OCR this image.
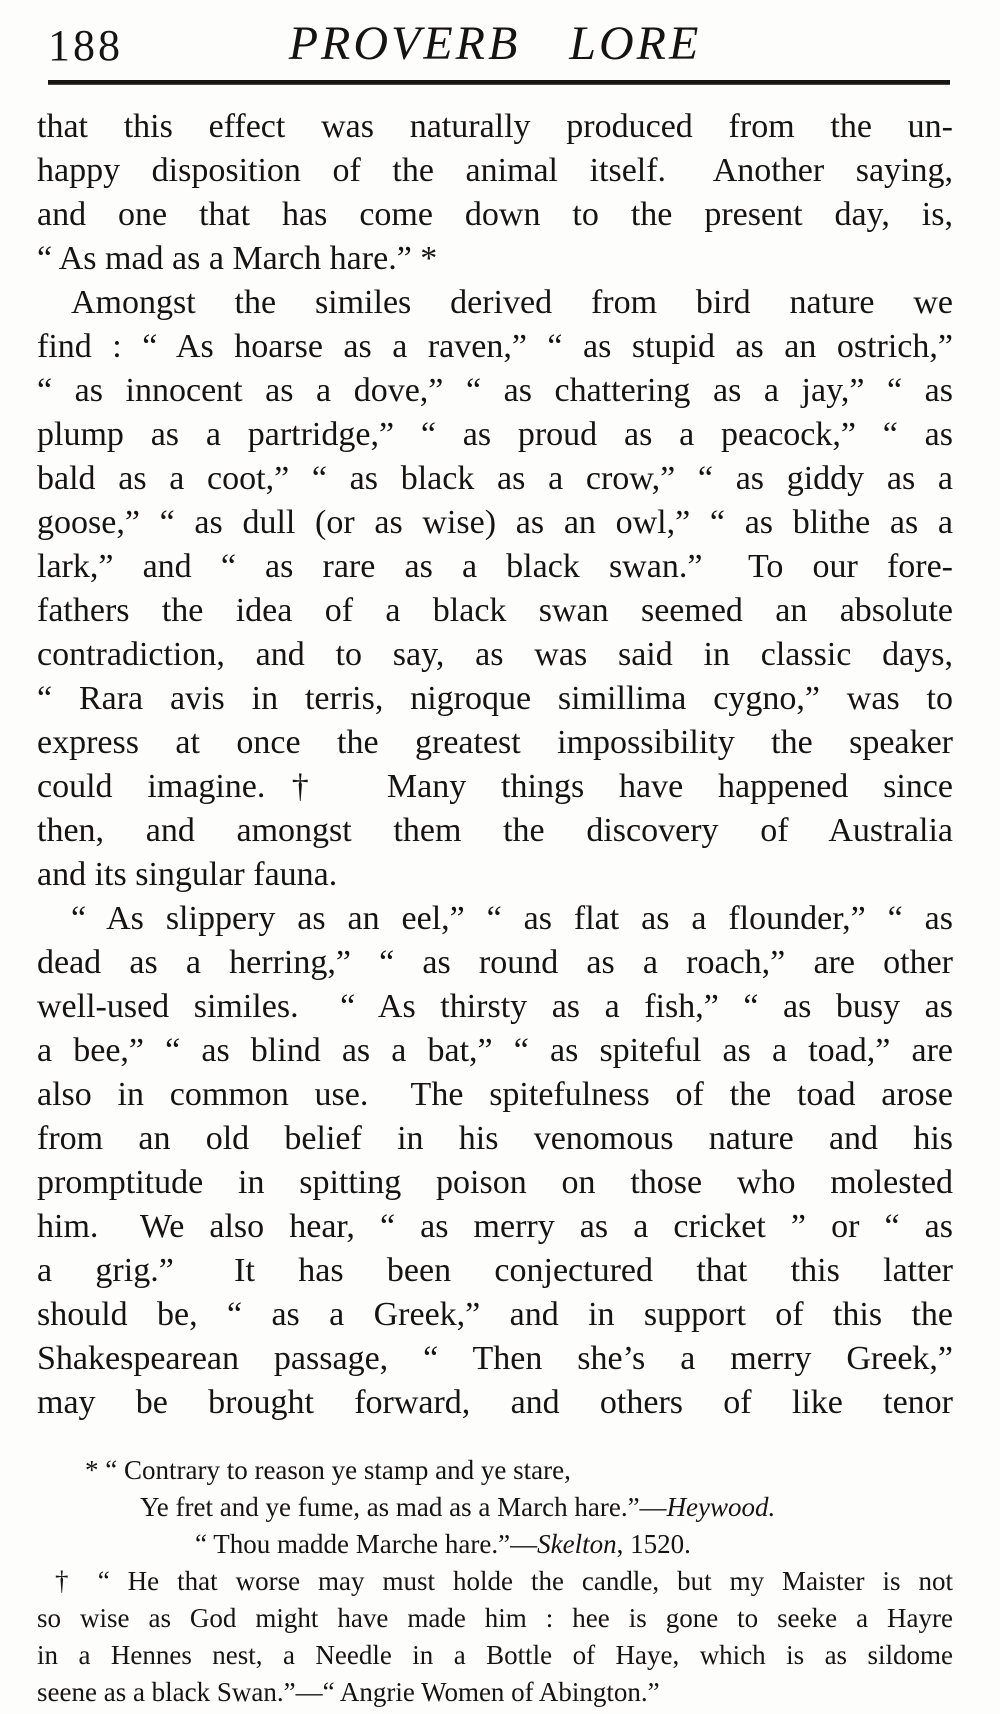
188	PROVERB LORE
that this effect was naturally produced from the un-
happy disposition of the animal itself.  Another saying,
and one that has come down to the present day, is,
“ As mad as a March hare.” *
Amongst the similes derived from bird nature we
find : “ As hoarse as a raven,” “ as stupid as an ostrich,”
“ as innocent as a dove,” “ as chattering as a jay,” “ as
plump as a partridge,” “ as proud as a peacock,” “ as
bald as a coot,” “ as black as a crow,” “ as giddy as a
goose,” “ as dull (or as wise) as an owl,” “ as blithe as a
lark,” and “ as rare as a black swan.”  To our fore-
fathers the idea of a black swan seemed an absolute
contradiction, and to say, as was said in classic days,
“ Rara avis in terris, nigroque simillima cygno,” was to
express at once the greatest impossibility the speaker
could imagine.†  Many things have happened since
then, and amongst them the discovery of Australia
and its singular fauna.
“ As slippery as an eel,” “ as flat as a flounder,” “ as
dead as a herring,” “ as round as a roach,” are other
well-used similes.  “ As thirsty as a fish,” “ as busy as
a bee,” “ as blind as a bat,” “ as spiteful as a toad,” are
also in common use.  The spitefulness of the toad arose
from an old belief in his venomous nature and his
promptitude in spitting poison on those who molested
him.  We also hear, “ as merry as a cricket ” or “ as
a grig.”  It has been conjectured that this latter
should be, “ as a Greek,” and in support of this the
Shakespearean passage, “ Then she’s a merry Greek,”
may be brought forward, and others of like tenor
* “ Contrary to reason ye stamp and ye stare,
Ye fret and ye fume, as mad as a March hare.”—Heywood.
“ Thou madde Marche hare.”—Skelton, 1520.
† “ He that worse may must holde the candle, but my Maister is not
so wise as God might have made him : hee is gone to seeke a Hayre
in a Hennes nest, a Needle in a Bottle of Haye, which is as sildome
seene as a black Swan.”—“ Angrie Women of Abington.”
